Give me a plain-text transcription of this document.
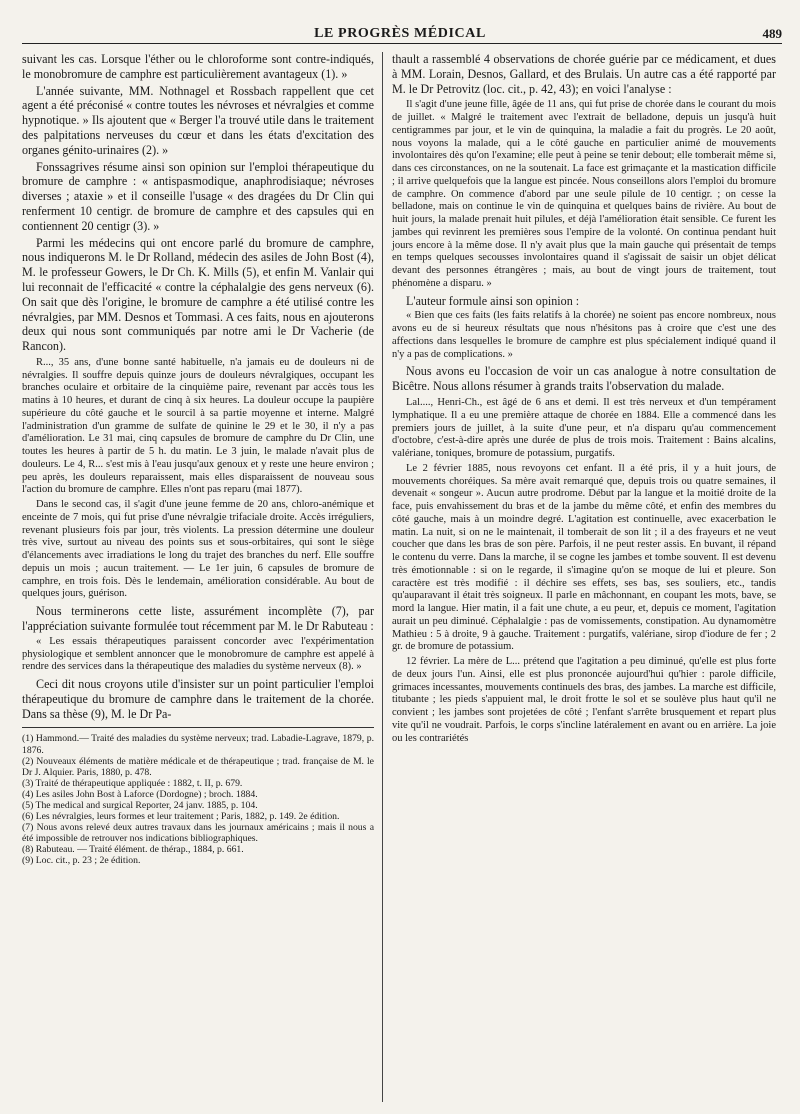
LE PROGRÈS MÉDICAL	489

suivant les cas. Lorsque l'éther ou le chloroforme sont contre-indiqués, le monobromure de camphre est particulièrement avantageux (1). »

L'année suivante, MM. Nothnagel et Rossbach rappellent que cet agent a été préconisé « contre toutes les névroses et névralgies et comme hypnotique. » Ils ajoutent que « Berger l'a trouvé utile dans le traitement des palpitations nerveuses du cœur et dans les états d'excitation des organes génito-urinaires (2). »

Fonssagrives résume ainsi son opinion sur l'emploi thérapeutique du bromure de camphre : « antispasmodique, anaphrodisiaque; névroses diverses ; ataxie » et il conseille l'usage « des dragées du Dr Clin qui renferment 10 centigr. de bromure de camphre et des capsules qui en contiennent 20 centigr (3). »

Parmi les médecins qui ont encore parlé du bromure de camphre, nous indiquerons M. le Dr Rolland, médecin des asiles de John Bost (4), M. le professeur Gowers, le Dr Ch. K. Mills (5), et enfin M. Vanlair qui lui reconnait de l'efficacité « contre la céphalalgie des gens nerveux (6). On sait que dès l'origine, le bromure de camphre a été utilisé contre les névralgies, par MM. Desnos et Tommasi. A ces faits, nous en ajouterons deux qui nous sont communiqués par notre ami le Dr Vacherie (de Rancon).

R..., 35 ans, d'une bonne santé habituelle, n'a jamais eu de douleurs ni de névralgies. Il souffre depuis quinze jours de douleurs névralgiques, occupant les branches oculaire et orbitaire de la cinquième paire, revenant par accès tous les matins à 10 heures, et durant de cinq à six heures. La douleur occupe la paupière supérieure du côté gauche et le sourcil à sa partie moyenne et interne. Malgré l'administration d'un gramme de sulfate de quinine le 29 et le 30, il n'y a pas d'amélioration. Le 31 mai, cinq capsules de bromure de camphre du Dr Clin, une toutes les heures à partir de 5 h. du matin. Le 3 juin, le malade n'avait plus de douleurs. Le 4, R... s'est mis à l'eau jusqu'aux genoux et y reste une heure environ ; peu après, les douleurs reparaissent, mais elles disparaissent de nouveau sous l'action du bromure de camphre. Elles n'ont pas reparu (mai 1877).

Dans le second cas, il s'agit d'une jeune femme de 20 ans, chloro-anémique et enceinte de 7 mois, qui fut prise d'une névralgie trifaciale droite. Accès irréguliers, revenant plusieurs fois par jour, très violents. La pression détermine une douleur très vive, surtout au niveau des points sus et sous-orbitaires, qui sont le siège d'élancements avec irradiations le long du trajet des branches du nerf. Elle souffre depuis un mois ; aucun traitement. — Le 1er juin, 6 capsules de bromure de camphre, en trois fois. Dès le lendemain, amélioration considérable. Au bout de quelques jours, guérison.

Nous terminerons cette liste, assurément incomplète (7), par l'appréciation suivante formulée tout récemment par M. le Dr Rabuteau :

« Les essais thérapeutiques paraissent concorder avec l'expérimentation physiologique et semblent annoncer que le monobromure de camphre est appelé à rendre des services dans la thérapeutique des maladies du système nerveux (8). »

Ceci dit nous croyons utile d'insister sur un point particulier l'emploi thérapeutique du bromure de camphre dans le traitement de la chorée. Dans sa thèse (9), M. le Dr Pa-

(1) Hammond.— Traité des maladies du système nerveux; trad. Labadie-Lagrave, 1879, p. 1876.

(2) Nouveaux éléments de matière médicale et de thérapeutique ; trad. française de M. le Dr J. Alquier. Paris, 1880, p. 478.

(3) Traité de thérapeutique appliquée : 1882, t. II, p. 679.

(4) Les asiles John Bost à Laforce (Dordogne) ; broch. 1884.

(5) The medical and surgical Reporter, 24 janv. 1885, p. 104.

(6) Les névralgies, leurs formes et leur traitement ; Paris, 1882, p. 149. 2e édition.

(7) Nous avons relevé deux autres travaux dans les journaux américains ; mais il nous a été impossible de retrouver nos indications bibliographiques.

(8) Rabuteau. — Traité élément. de thérap., 1884, p. 661.

(9) Loc. cit., p. 23 ; 2e édition.

thault a rassemblé 4 observations de chorée guérie par ce médicament, et dues à MM. Lorain, Desnos, Gallard, et des Brulais. Un autre cas a été rapporté par M. le Dr Petrovitz (loc. cit., p. 42, 43); en voici l'analyse :

Il s'agit d'une jeune fille, âgée de 11 ans, qui fut prise de chorée dans le courant du mois de juillet. « Malgré le traitement avec l'extrait de belladone, depuis un jusqu'à huit centigrammes par jour, et le vin de quinquina, la maladie a fait du progrès. Le 20 août, nous voyons la malade, qui a le côté gauche en particulier animé de mouvements involontaires dès qu'on l'examine; elle peut à peine se tenir debout; elle tomberait même si, dans ces circonstances, on ne la soutenait. La face est grimaçante et la mastication difficile ; il arrive quelquefois que la langue est pincée. Nous conseillons alors l'emploi du bromure de camphre. On commence d'abord par une seule pilule de 10 centigr. ; on cesse la belladone, mais on continue le vin de quinquina et quelques bains de rivière. Au bout de huit jours, la malade prenait huit pilules, et déjà l'amélioration était sensible. Ce furent les jambes qui revinrent les premières sous l'empire de la volonté. On continua pendant huit jours encore à la même dose. Il n'y avait plus que la main gauche qui présentait de temps en temps quelques secousses involontaires quand il s'agissait de saisir un objet délicat devant des personnes étrangères ; mais, au bout de vingt jours de traitement, tout phénomène a disparu. »

L'auteur formule ainsi son opinion :

« Bien que ces faits (les faits relatifs à la chorée) ne soient pas encore nombreux, nous avons eu de si heureux résultats que nous n'hésitons pas à croire que c'est une des affections dans lesquelles le bromure de camphre est plus spécialement indiqué quand il n'y a pas de complications. »

Nous avons eu l'occasion de voir un cas analogue à notre consultation de Bicêtre. Nous allons résumer à grands traits l'observation du malade.

Lal...., Henri-Ch., est âgé de 6 ans et demi. Il est très nerveux et d'un tempérament lymphatique. Il a eu une première attaque de chorée en 1884. Elle a commencé dans les premiers jours de juillet, à la suite d'une peur, et n'a disparu qu'au commencement d'octobre, c'est-à-dire après une durée de plus de trois mois. Traitement : Bains alcalins, valériane, toniques, bromure de potassium, purgatifs.

Le 2 février 1885, nous revoyons cet enfant. Il a été pris, il y a huit jours, de mouvements choréiques. Sa mère avait remarqué que, depuis trois ou quatre semaines, il devenait « songeur ». Aucun autre prodrome. Début par la langue et la moitié droite de la face, puis envahissement du bras et de la jambe du même côté, et enfin des membres du côté gauche, mais à un moindre degré. L'agitation est continuelle, avec exacerbation le matin. La nuit, si on ne le maintenait, il tomberait de son lit ; il a des frayeurs et ne veut coucher que dans les bras de son père. Parfois, il ne peut rester assis. En buvant, il répand le contenu du verre. Dans la marche, il se cogne les jambes et tombe souvent. Il est devenu très émotionnable : si on le regarde, il s'imagine qu'on se moque de lui et pleure. Son caractère est très modifié : il déchire ses effets, ses bas, ses souliers, etc., tandis qu'auparavant il était très soigneux. Il parle en mâchonnant, en coupant les mots, bave, se mord la langue. Hier matin, il a fait une chute, a eu peur, et, depuis ce moment, l'agitation aurait un peu diminué. Céphalalgie : pas de vomissements, constipation. Au dynamomètre Mathieu : 5 à droite, 9 à gauche. Traitement : purgatifs, valériane, sirop d'iodure de fer ; 2 gr. de bromure de potassium.

12 février. La mère de L... prétend que l'agitation a peu diminué, qu'elle est plus forte de deux jours l'un. Ainsi, elle est plus prononcée aujourd'hui qu'hier : parole difficile, grimaces incessantes, mouvements continuels des bras, des jambes. La marche est difficile, titubante ; les pieds s'appuient mal, le droit frotte le sol et se soulève plus haut qu'il ne convient ; les jambes sont projetées de côté ; l'enfant s'arrête brusquement et repart plus vite qu'il ne voudrait. Parfois, le corps s'incline latéralement en avant ou en arrière. La joie ou les contrariétés
